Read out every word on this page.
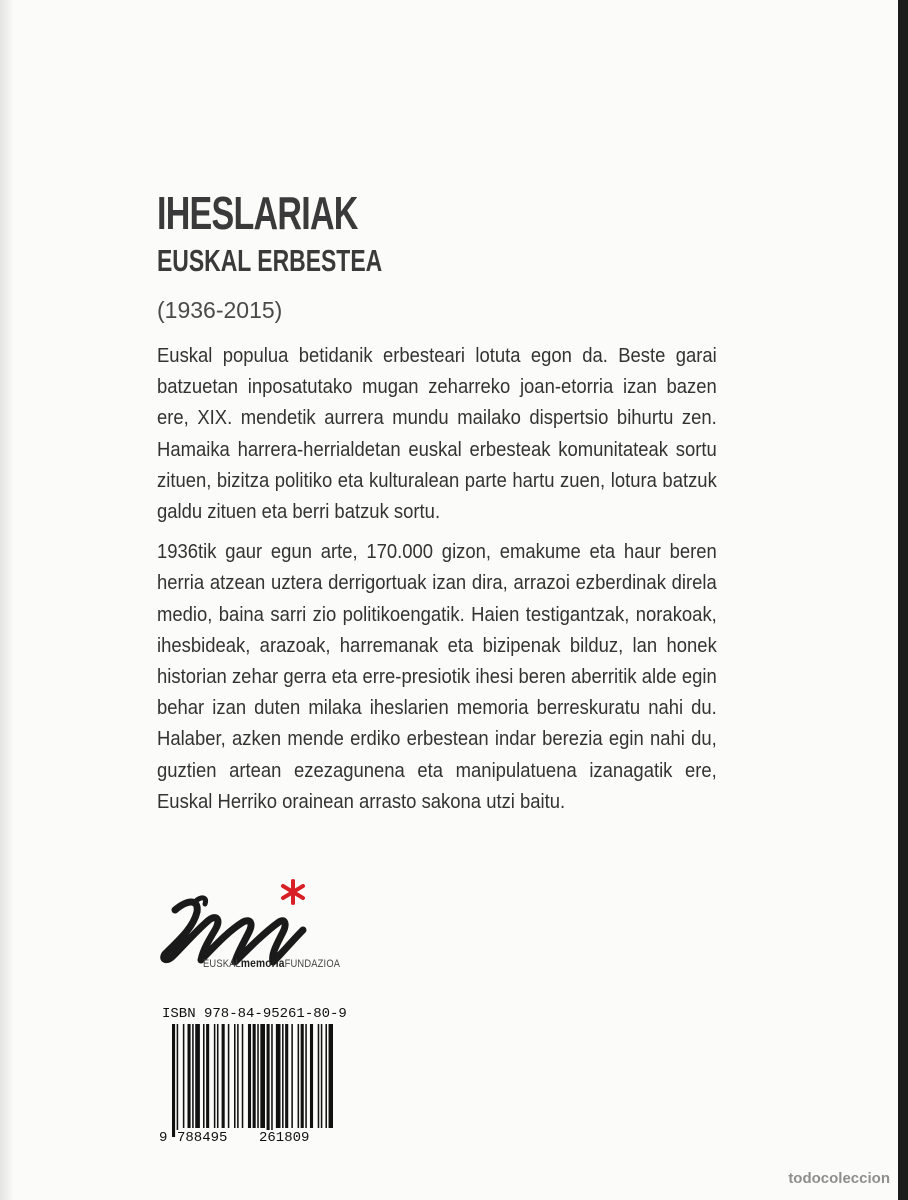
IHESLARIAK
EUSKAL ERBESTEA
(1936-2015)

Euskal populua betidanik erbesteari lotuta egon da. Beste garai batzuetan inposatutako mugan zeharreko joan-etorria izan bazen ere, XIX. mendetik aurrera mundu mailako dispertsio bihurtu zen. Hamaika harrera-herrialdetan euskal erbesteak komunitateak sortu zituen, bizitza politiko eta kulturalean parte hartu zuen, lotura batzuk galdu zituen eta berri batzuk sortu.

1936tik gaur egun arte, 170.000 gizon, emakume eta haur beren herria atzean uztera derrigortuak izan dira, arrazoi ezberdinak direla medio, baina sarri zio politikoengatik. Haien testigantzak, norakoak, ihesbideak, arazoak, harremanak eta bizipenak bilduz, lan honek historian zehar gerra eta erre-presiotik ihesi beren aberritik alde egin behar izan duten milaka iheslarien memoria berreskuratu nahi du. Halaber, azken mende erdiko erbestean indar berezia egin nahi du, guztien artean ezezagunena eta manipulatuena izanagatik ere, Euskal Herriko orainean arrasto sakona utzi baitu.

EUSKALmemoriaFUNDAZIOA
ISBN 978-84-95261-80-9
9 788495 261809
todocoleccion
